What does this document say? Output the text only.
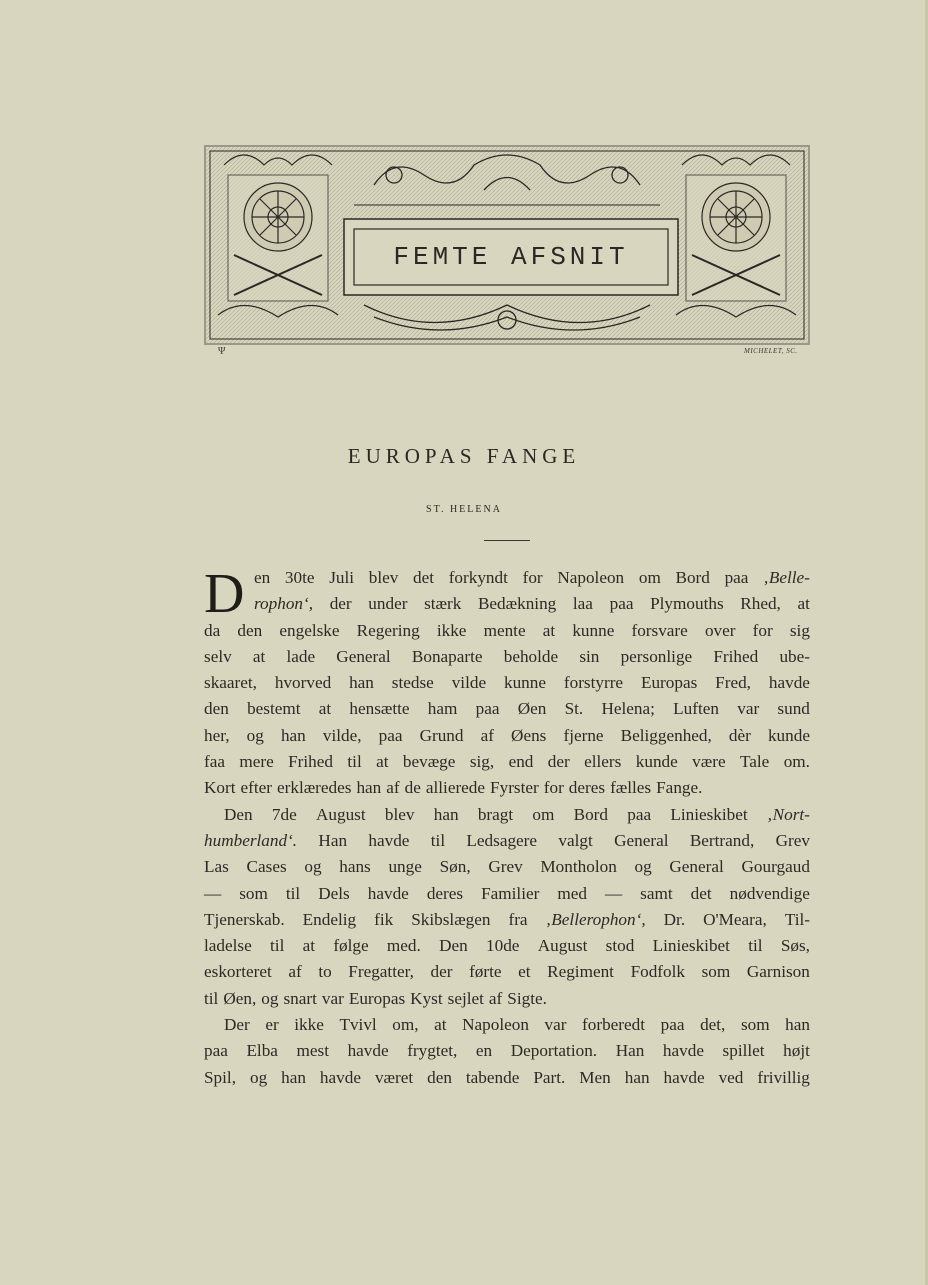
FEMTE AFSNIT
Ψ	MICHELET, SC.
EUROPAS FANGE
ST. HELENA
D en 30te Juli blev det forkyndt for Napoleon om Bord paa ‚Belle-
rophon‘, der under stærk Bedækning laa paa Plymouths Rhed, at
da den engelske Regering ikke mente at kunne forsvare over for sig
selv at lade General Bonaparte beholde sin personlige Frihed ube-
skaaret, hvorved han stedse vilde kunne forstyrre Europas Fred, havde
den bestemt at hensætte ham paa Øen St. Helena; Luften var sund
her, og han vilde, paa Grund af Øens fjerne Beliggenhed, dèr kunde
faa mere Frihed til at bevæge sig, end der ellers kunde være Tale om.
Kort efter erklæredes han af de allierede Fyrster for deres fælles Fange.
Den 7de August blev han bragt om Bord paa Linieskibet ‚Nort-
humberland‘. Han havde til Ledsagere valgt General Bertrand, Grev
Las Cases og hans unge Søn, Grev Montholon og General Gourgaud
— som til Dels havde deres Familier med — samt det nødvendige
Tjenerskab. Endelig fik Skibslægen fra ‚Bellerophon‘, Dr. O'Meara, Til-
ladelse til at følge med. Den 10de August stod Linieskibet til Søs,
eskorteret af to Fregatter, der førte et Regiment Fodfolk som Garnison
til Øen, og snart var Europas Kyst sejlet af Sigte.
Der er ikke Tvivl om, at Napoleon var forberedt paa det, som han
paa Elba mest havde frygtet, en Deportation. Han havde spillet højt
Spil, og han havde været den tabende Part. Men han havde ved frivillig
